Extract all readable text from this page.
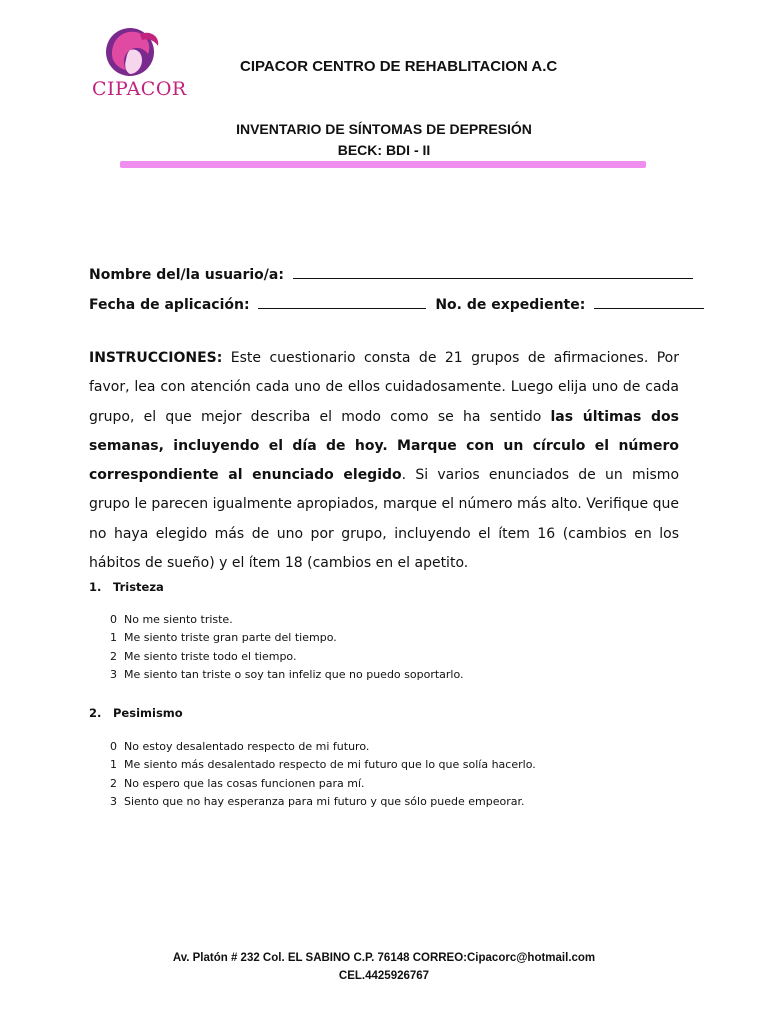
CIPACOR
CIPACOR CENTRO DE REHABLITACION A.C
INVENTARIO DE SÍNTOMAS DE DEPRESIÓN
BECK: BDI - II
Nombre del/la usuario/a:
Fecha de aplicación:	No. de expediente:
INSTRUCCIONES: Este cuestionario consta de 21 grupos de afirmaciones. Por favor, lea con atención cada uno de ellos cuidadosamente. Luego elija uno de cada grupo, el que mejor describa el modo como se ha sentido las últimas dos semanas, incluyendo el día de hoy. Marque con un círculo el número correspondiente al enunciado elegido. Si varios enunciados de un mismo grupo le parecen igualmente apropiados, marque el número más alto. Verifique que no haya elegido más de uno por grupo, incluyendo el ítem 16 (cambios en los hábitos de sueño) y el ítem 18 (cambios en el apetito.
1. Tristeza
0 No me siento triste.
1 Me siento triste gran parte del tiempo.
2 Me siento triste todo el tiempo.
3 Me siento tan triste o soy tan infeliz que no puedo soportarlo.
2. Pesimismo
0 No estoy desalentado respecto de mi futuro.
1 Me siento más desalentado respecto de mi futuro que lo que solía hacerlo.
2 No espero que las cosas funcionen para mí.
3 Siento que no hay esperanza para mi futuro y que sólo puede empeorar.
Av. Platón # 232 Col. EL SABINO C.P. 76148 CORREO:Cipacorc@hotmail.com
CEL.4425926767
